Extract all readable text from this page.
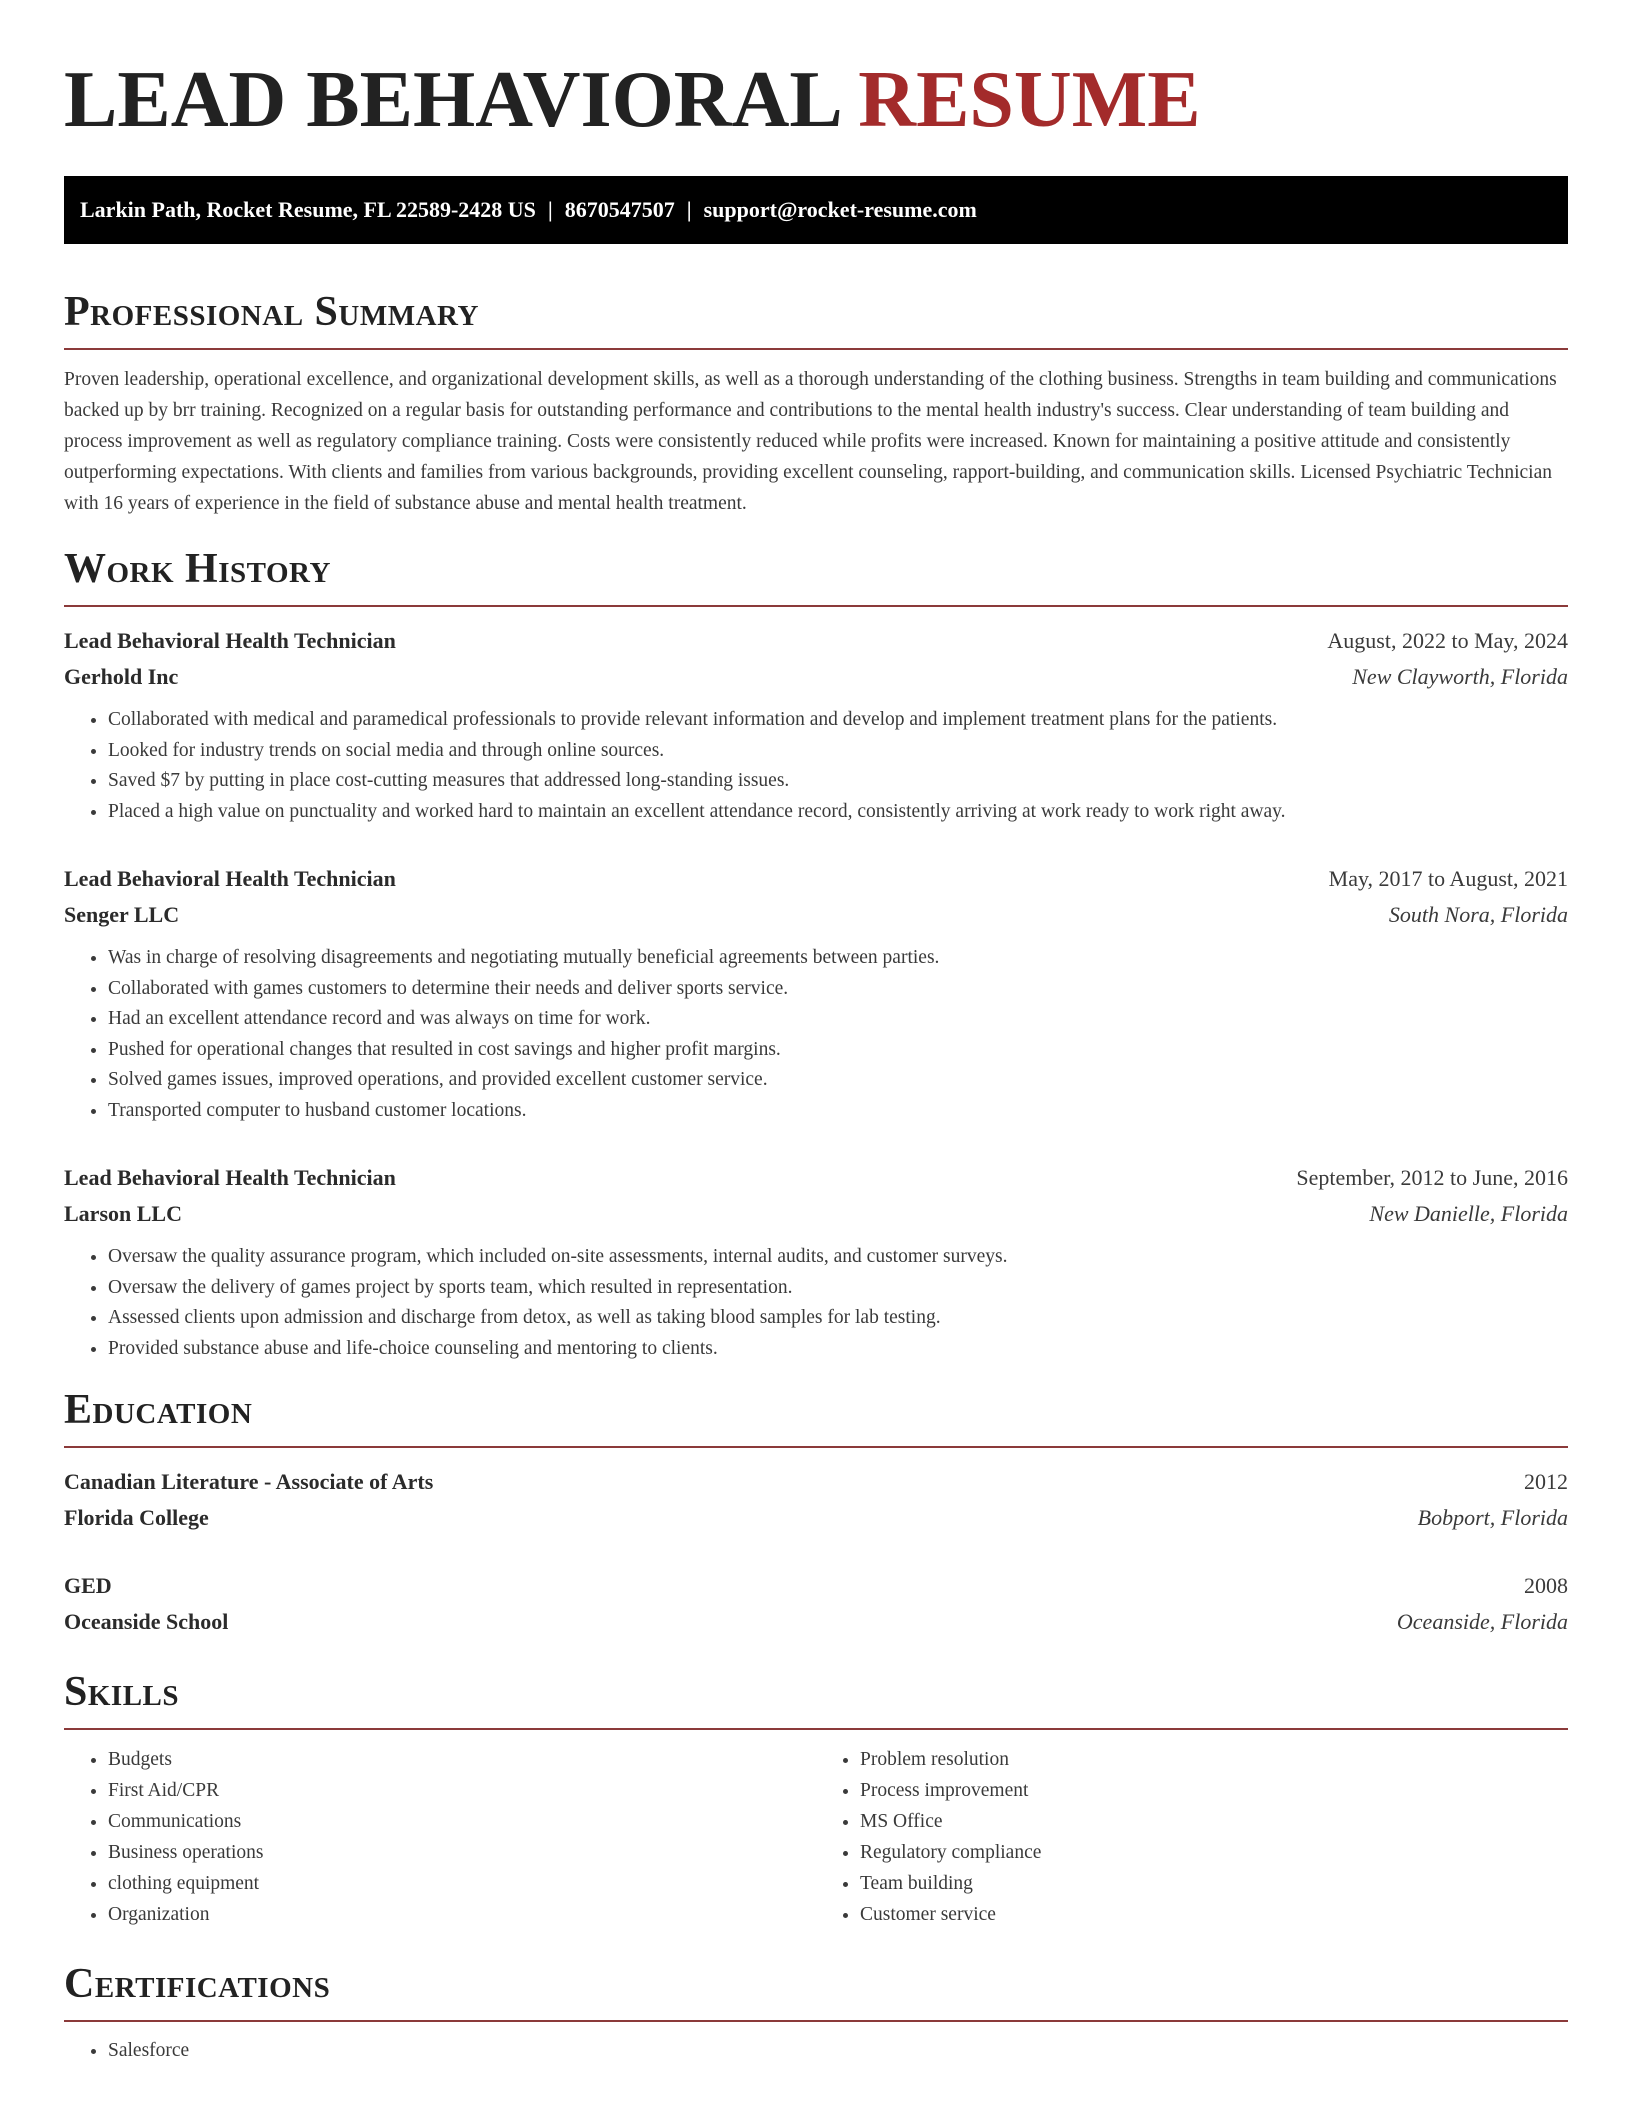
LEAD BEHAVIORAL RESUME
Larkin Path, Rocket Resume, FL 22589-2428 US | 8670547507 | support@rocket-resume.com
Professional Summary

Proven leadership, operational excellence, and organizational development skills, as well as a thorough understanding of the clothing business. Strengths in team building and communications backed up by brr training. Recognized on a regular basis for outstanding performance and contributions to the mental health industry's success. Clear understanding of team building and process improvement as well as regulatory compliance training. Costs were consistently reduced while profits were increased. Known for maintaining a positive attitude and consistently outperforming expectations. With clients and families from various backgrounds, providing excellent counseling, rapport-building, and communication skills. Licensed Psychiatric Technician with 16 years of experience in the field of substance abuse and mental health treatment.

Work History
Lead Behavioral Health Technician	August, 2022 to May, 2024
Gerhold Inc	New Clayworth, Florida
• Collaborated with medical and paramedical professionals to provide relevant information and develop and implement treatment plans for the patients.
• Looked for industry trends on social media and through online sources.
• Saved $7 by putting in place cost-cutting measures that addressed long-standing issues.
• Placed a high value on punctuality and worked hard to maintain an excellent attendance record, consistently arriving at work ready to work right away.
Lead Behavioral Health Technician	May, 2017 to August, 2021
Senger LLC	South Nora, Florida
• Was in charge of resolving disagreements and negotiating mutually beneficial agreements between parties.
• Collaborated with games customers to determine their needs and deliver sports service.
• Had an excellent attendance record and was always on time for work.
• Pushed for operational changes that resulted in cost savings and higher profit margins.
• Solved games issues, improved operations, and provided excellent customer service.
• Transported computer to husband customer locations.
Lead Behavioral Health Technician	September, 2012 to June, 2016
Larson LLC	New Danielle, Florida
• Oversaw the quality assurance program, which included on-site assessments, internal audits, and customer surveys.
• Oversaw the delivery of games project by sports team, which resulted in representation.
• Assessed clients upon admission and discharge from detox, as well as taking blood samples for lab testing.
• Provided substance abuse and life-choice counseling and mentoring to clients.
Education
Canadian Literature - Associate of Arts	2012
Florida College	Bobport, Florida
GED	2008
Oceanside School	Oceanside, Florida
Skills
• Budgets
• First Aid/CPR
• Communications
• Business operations
• clothing equipment
• Organization
• Problem resolution
• Process improvement
• MS Office
• Regulatory compliance
• Team building
• Customer service
Certifications
• Salesforce
